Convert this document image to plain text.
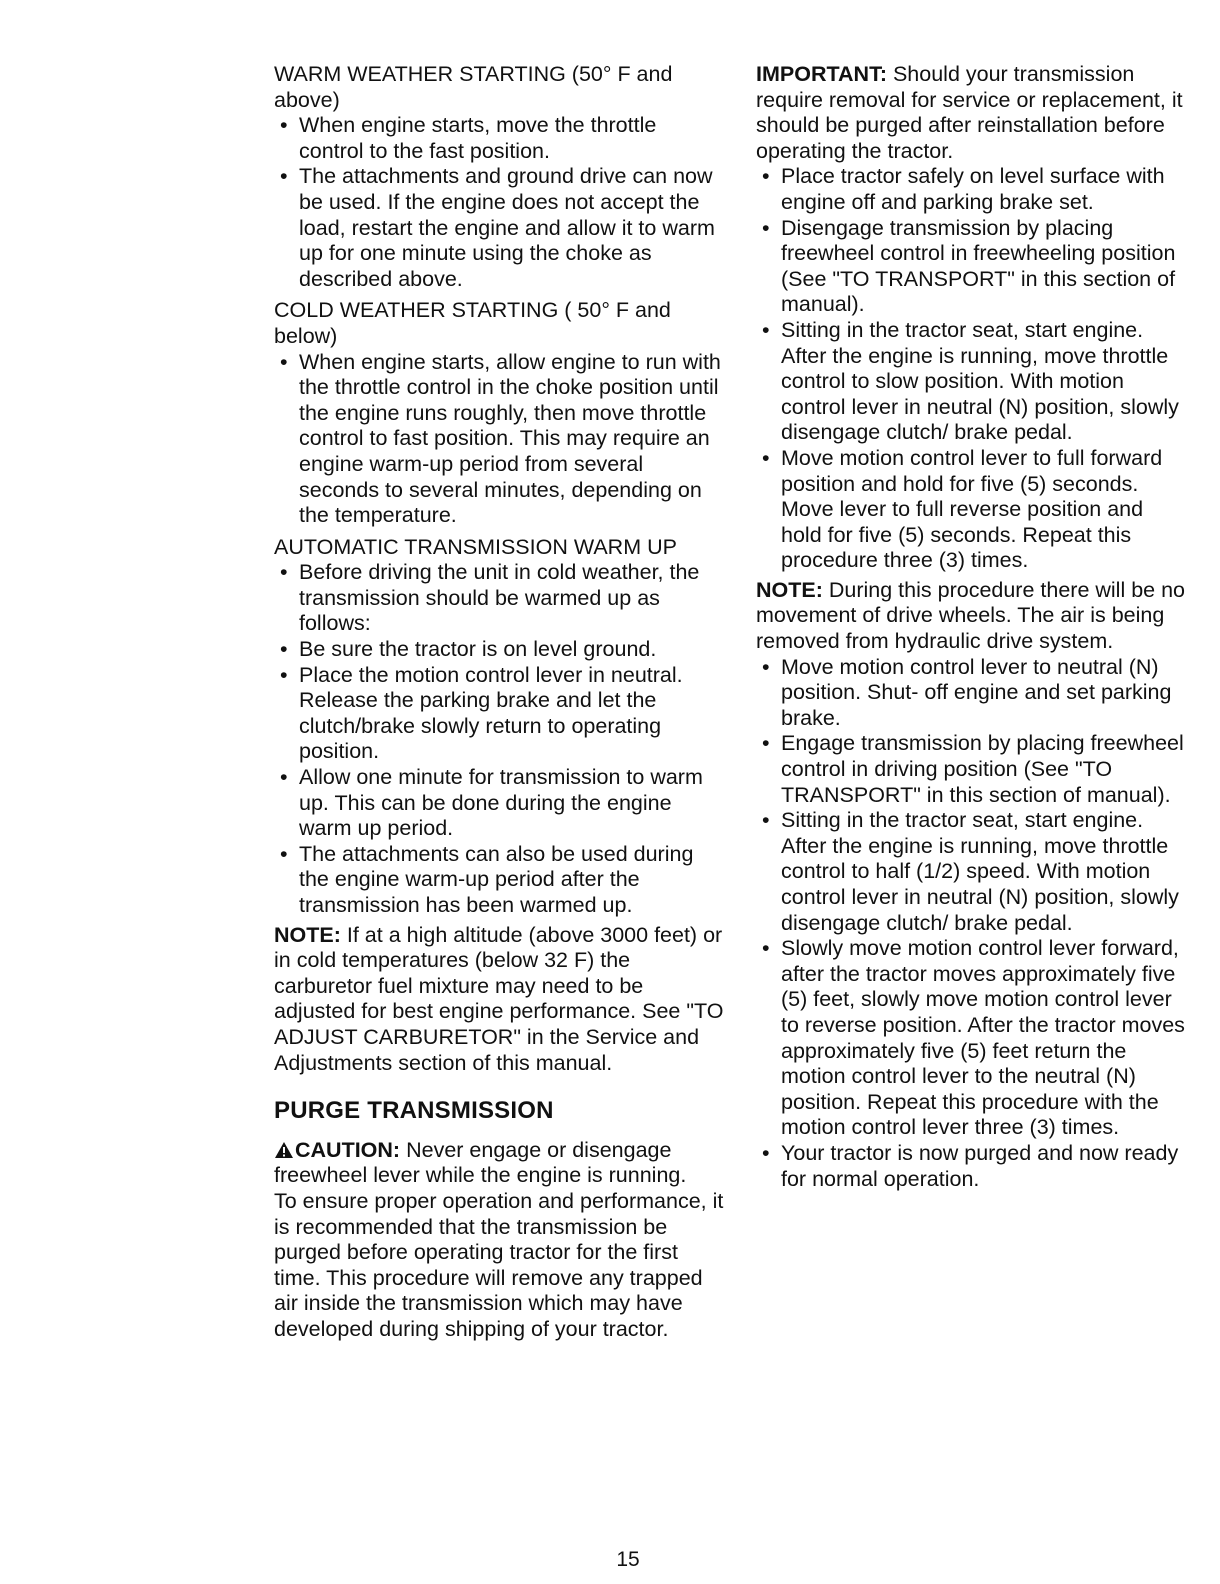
WARM WEATHER STARTING (50° F and above)

• When engine starts, move the throttle control to the fast position.
• The attachments and ground drive can now be used. If the engine does not accept the load, restart the engine and allow it to warm up for one minute using the choke as described above.

COLD WEATHER STARTING ( 50° F and below)

• When engine starts, allow engine to run with the throttle control in the choke position until the engine runs roughly, then move throttle control to fast position. This may require an engine warm-up period from several seconds to several minutes, depending on the temperature.

AUTOMATIC TRANSMISSION WARM UP

• Before driving the unit in cold weather, the transmission should be warmed up as follows:
• Be sure the tractor is on level ground.
• Place the motion control lever in neutral. Release the parking brake and let the clutch/brake slowly return to operating position.
• Allow one minute for transmission to warm up. This can be done during the engine warm up period.
• The attachments can also be used during the engine warm-up period after the transmission has been warmed up.

NOTE: If at a high altitude (above 3000 feet) or in cold temperatures (below 32 F) the carburetor fuel mixture may need to be adjusted for best engine performance. See "TO ADJUST CARBURETOR" in the Service and Adjustments section of this manual.

PURGE TRANSMISSION

CAUTION: Never engage or disengage freewheel lever while the engine is running.

To ensure proper operation and performance, it is recommended that the transmission be purged before operating tractor for the first time. This procedure will remove any trapped air inside the transmission which may have developed during shipping of your tractor.

IMPORTANT: Should your transmission require removal for service or replacement, it should be purged after reinstallation before operating the tractor.

• Place tractor safely on level surface with engine off and parking brake set.
• Disengage transmission by placing freewheel control in freewheeling position (See "TO TRANSPORT" in this section of manual).
• Sitting in the tractor seat, start engine. After the engine is running, move throttle control to slow position. With motion control lever in neutral (N) position, slowly disengage clutch/ brake pedal.
• Move motion control lever to full forward position and hold for five (5) seconds. Move lever to full reverse position and hold for five (5) seconds. Repeat this procedure three (3) times.

NOTE: During this procedure there will be no movement of drive wheels. The air is being removed from hydraulic drive system.

• Move motion control lever to neutral (N) position. Shut- off engine and set parking brake.
• Engage transmission by placing freewheel control in driving position (See "TO TRANSPORT" in this section of manual).
• Sitting in the tractor seat, start engine. After the engine is running, move throttle control to half (1/2) speed. With motion control lever in neutral (N) position, slowly disengage clutch/ brake pedal.
• Slowly move motion control lever forward, after the tractor moves approximately five (5) feet, slowly move motion control lever to reverse position. After the tractor moves approximately five (5) feet return the motion control lever to the neutral (N) position. Repeat this procedure with the motion control lever three (3) times.
• Your tractor is now purged and now ready for normal operation.
15
